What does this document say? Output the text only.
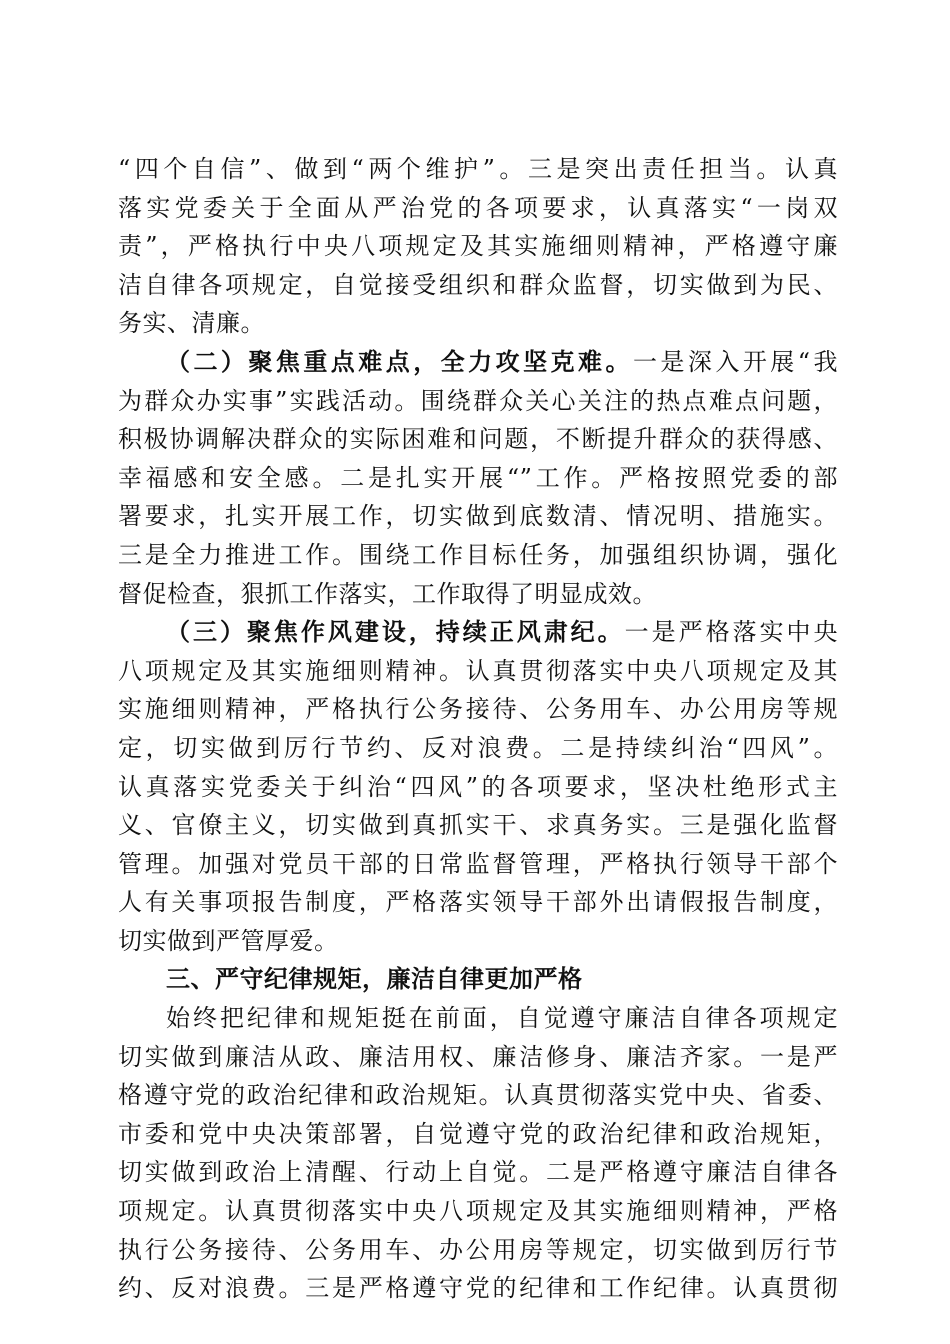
“四个自信”、做到“两个维护”。三是突出责任担当。认真
落实党委关于全面从严治党的各项要求，认真落实“一岗双
责”，严格执行中央八项规定及其实施细则精神，严格遵守廉
洁自律各项规定，自觉接受组织和群众监督，切实做到为民、
务实、清廉。
（二）聚焦重点难点，全力攻坚克难。一是深入开展“我
为群众办实事”实践活动。围绕群众关心关注的热点难点问题，
积极协调解决群众的实际困难和问题，不断提升群众的获得感、
幸福感和安全感。二是扎实开展“”工作。严格按照党委的部
署要求，扎实开展工作，切实做到底数清、情况明、措施实。
三是全力推进工作。围绕工作目标任务，加强组织协调，强化
督促检查，狠抓工作落实，工作取得了明显成效。
（三）聚焦作风建设，持续正风肃纪。一是严格落实中央
八项规定及其实施细则精神。认真贯彻落实中央八项规定及其
实施细则精神，严格执行公务接待、公务用车、办公用房等规
定，切实做到厉行节约、反对浪费。二是持续纠治“四风”。
认真落实党委关于纠治“四风”的各项要求，坚决杜绝形式主
义、官僚主义，切实做到真抓实干、求真务实。三是强化监督
管理。加强对党员干部的日常监督管理，严格执行领导干部个
人有关事项报告制度，严格落实领导干部外出请假报告制度，
切实做到严管厚爱。
三、严守纪律规矩，廉洁自律更加严格
始终把纪律和规矩挺在前面，自觉遵守廉洁自律各项规定
切实做到廉洁从政、廉洁用权、廉洁修身、廉洁齐家。一是严
格遵守党的政治纪律和政治规矩。认真贯彻落实党中央、省委、
市委和党中央决策部署，自觉遵守党的政治纪律和政治规矩，
切实做到政治上清醒、行动上自觉。二是严格遵守廉洁自律各
项规定。认真贯彻落实中央八项规定及其实施细则精神，严格
执行公务接待、公务用车、办公用房等规定，切实做到厉行节
约、反对浪费。三是严格遵守党的纪律和工作纪律。认真贯彻
